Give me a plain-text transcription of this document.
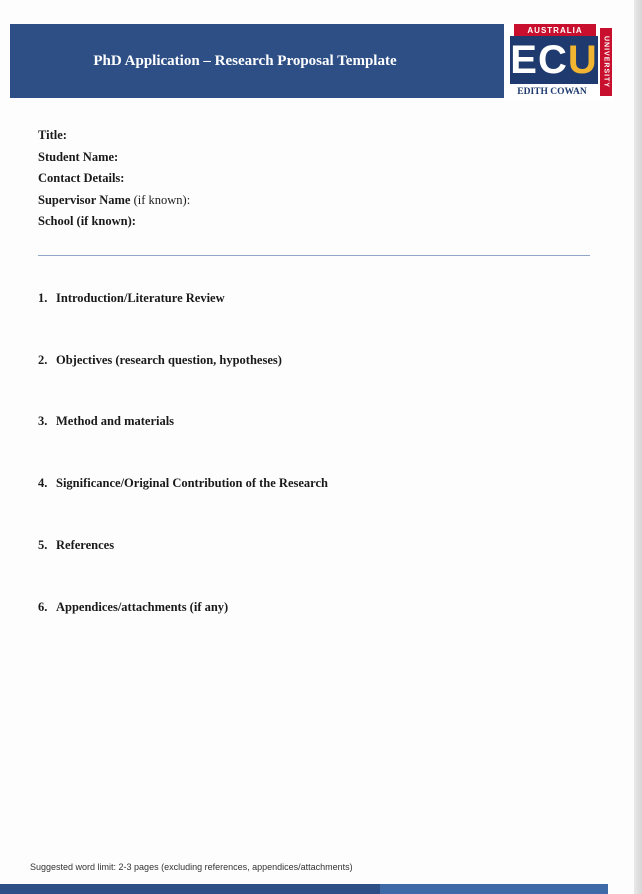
PhD Application – Research Proposal Template
AUSTRALIA
ECU UNIVERSITY
EDITH COWAN
Title:
Student Name:
Contact Details:
Supervisor Name (if known):
School (if known):
1. Introduction/Literature Review
2. Objectives (research question, hypotheses)
3. Method and materials
4. Significance/Original Contribution of the Research
5. References
6. Appendices/attachments (if any)
Suggested word limit: 2-3 pages (excluding references, appendices/attachments)
